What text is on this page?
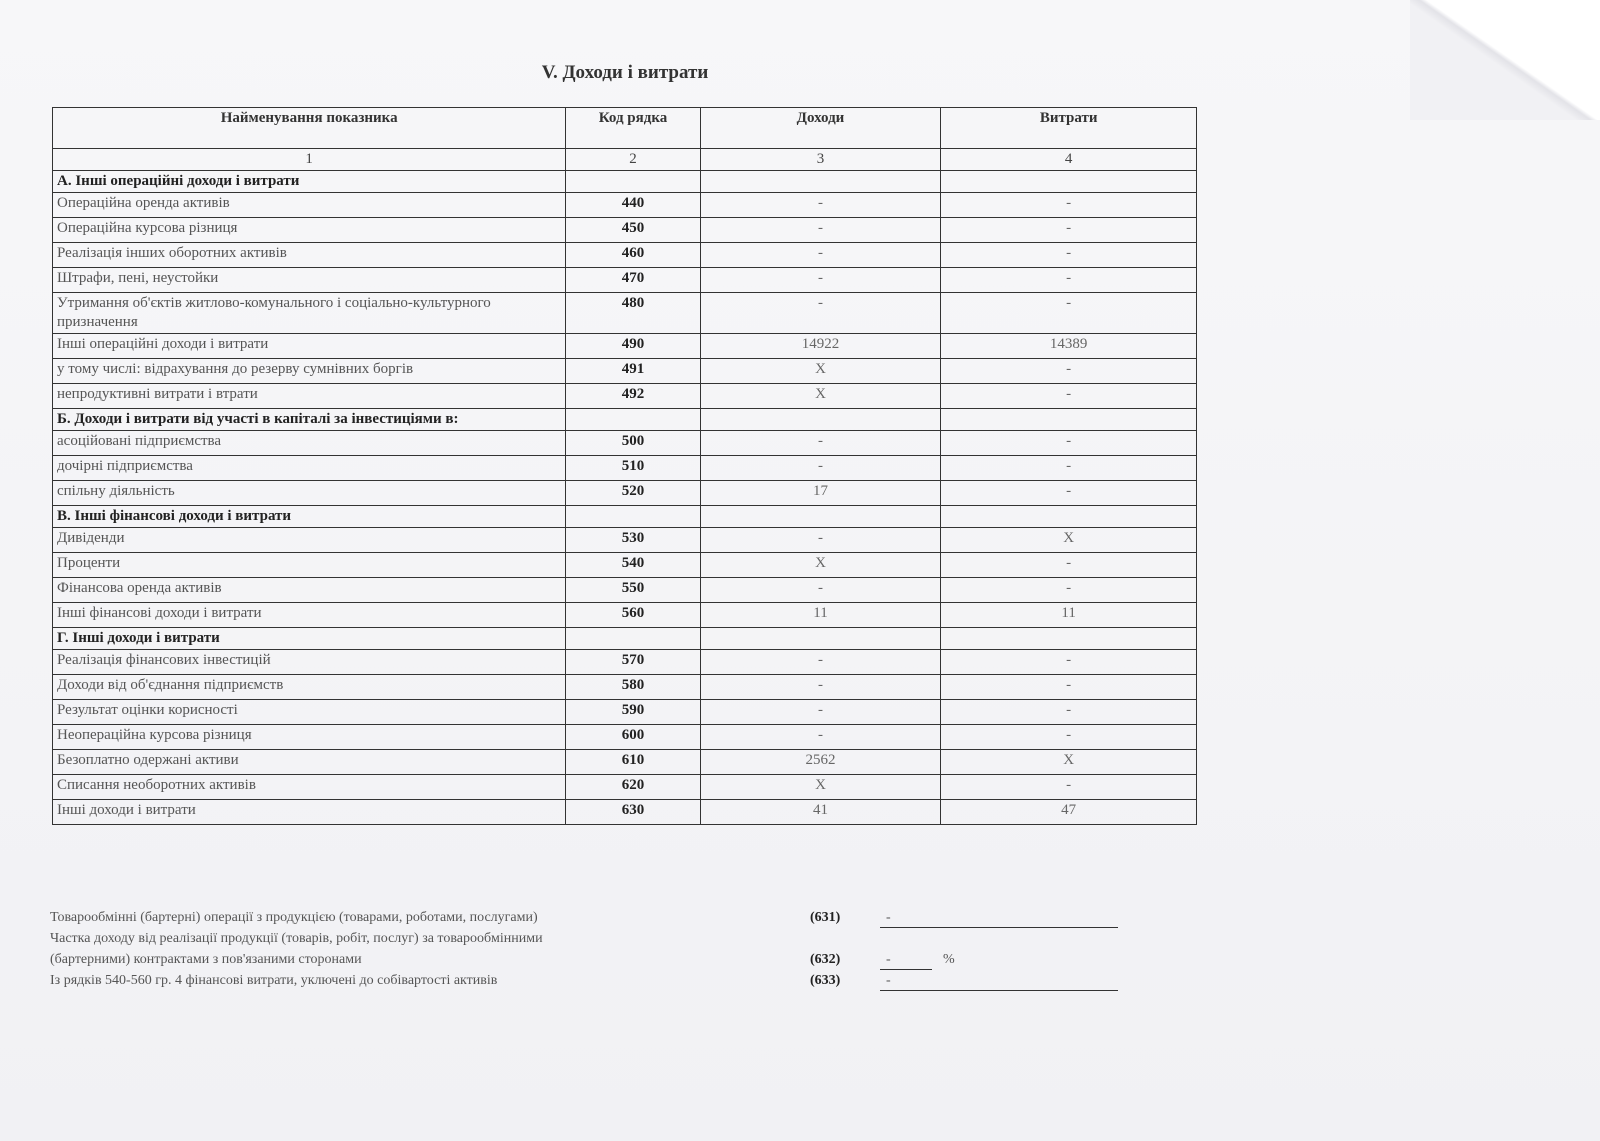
V. Доходи і витрати
Найменування показника	Код рядка	Доходи	Витрати
1	2	3	4
А. Інші операційні доходи і витрати			
Операційна оренда активів	440	-	-
Операційна курсова різниця	450	-	-
Реалізація інших оборотних активів	460	-	-
Штрафи, пені, неустойки	470	-	-
Утримання об'єктів житлово-комунального і соціально-культурного призначення	480	-	-
Інші операційні доходи і витрати	490	14922	14389
у тому числі: відрахування до резерву сумнівних боргів	491	X	-
непродуктивні витрати і втрати	492	X	-
Б. Доходи і витрати від участі в капіталі за інвестиціями в:			
асоційовані підприємства	500	-	-
дочірні підприємства	510	-	-
спільну діяльність	520	17	-
В. Інші фінансові доходи і витрати			
Дивіденди	530	-	X
Проценти	540	X	-
Фінансова оренда активів	550	-	-
Інші фінансові доходи і витрати	560	11	11
Г. Інші доходи і витрати			
Реалізація фінансових інвестицій	570	-	-
Доходи від об'єднання підприємств	580	-	-
Результат оцінки корисності	590	-	-
Неопераційна курсова різниця	600	-	-
Безоплатно одержані активи	610	2562	X
Списання необоротних активів	620	X	-
Інші доходи і витрати	630	41	47
Товарообмінні (бартерні) операції з продукцією (товарами, роботами, послугами)	(631)	-
Частка доходу від реалізації продукції (товарів, робіт, послуг) за товарообмінними
(бартерними) контрактами з пов'язаними сторонами	(632)	-	%
Із рядків 540-560 гр. 4 фінансові витрати, уключені до собівартості активів	(633)	-
